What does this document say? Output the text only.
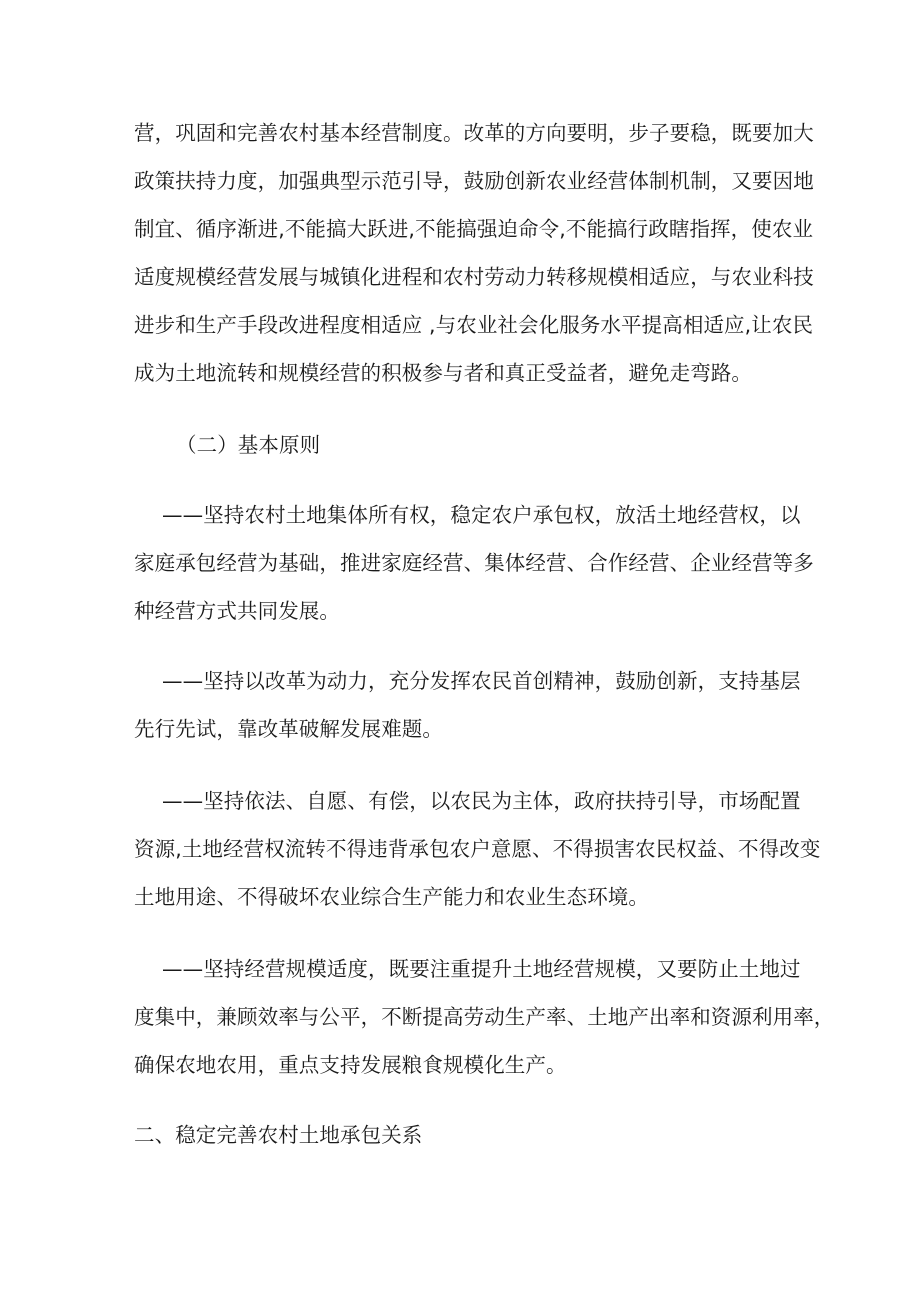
营，巩固和完善农村基本经营制度。改革的方向要明，步子要稳，既要加大
政策扶持力度，加强典型示范引导，鼓励创新农业经营体制机制，又要因地
制宜、循序渐进,不能搞大跃进,不能搞强迫命令,不能搞行政瞎指挥，使农业
适度规模经营发展与城镇化进程和农村劳动力转移规模相适应，与农业科技
进步和生产手段改进程度相适应 ,与农业社会化服务水平提高相适应,让农民
成为土地流转和规模经营的积极参与者和真正受益者，避免走弯路。
（二）基本原则
——坚持农村土地集体所有权，稳定农户承包权，放活土地经营权，以
家庭承包经营为基础，推进家庭经营、集体经营、合作经营、企业经营等多
种经营方式共同发展。
——坚持以改革为动力，充分发挥农民首创精神，鼓励创新，支持基层
先行先试，靠改革破解发展难题。
——坚持依法、自愿、有偿，以农民为主体，政府扶持引导，市场配置
资源,土地经营权流转不得违背承包农户意愿、不得损害农民权益、不得改变
土地用途、不得破坏农业综合生产能力和农业生态环境。
——坚持经营规模适度，既要注重提升土地经营规模，又要防止土地过
度集中，兼顾效率与公平，不断提高劳动生产率、土地产出率和资源利用率，
确保农地农用，重点支持发展粮食规模化生产。
二、稳定完善农村土地承包关系
